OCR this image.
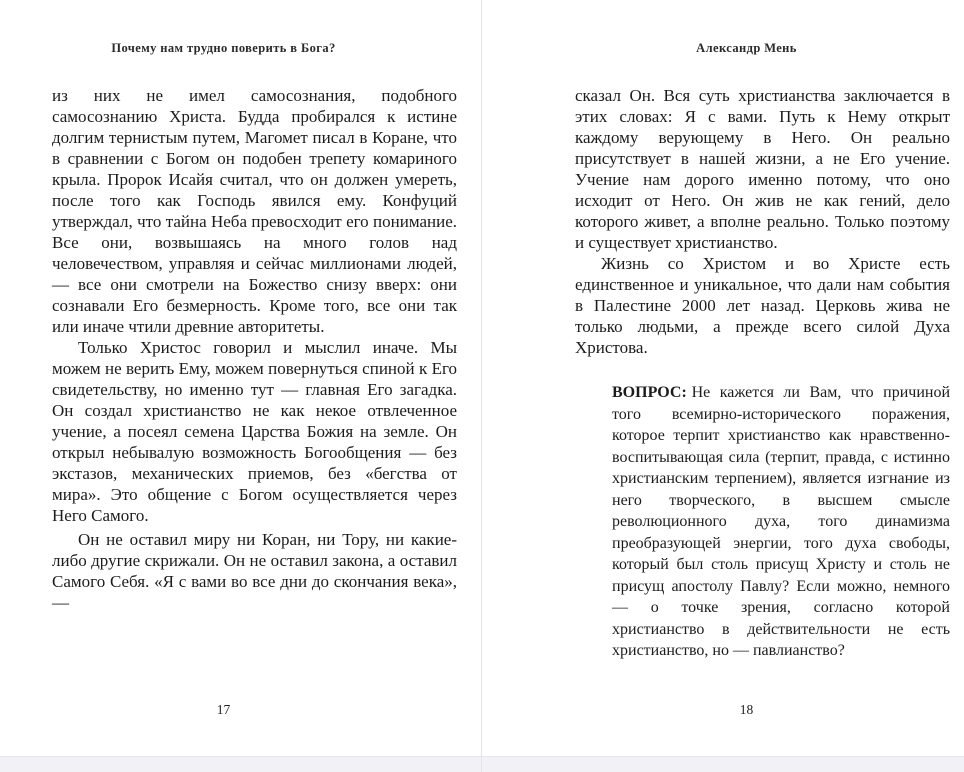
Почему нам трудно поверить в Бога?

из них не имел самосознания, подобного самосознанию Христа. Будда пробирался к истине долгим тернистым путем, Магомет писал в Коране, что в сравнении с Богом он подобен трепету комариного крыла. Пророк Исайя считал, что он должен умереть, после того как Господь явился ему. Конфуций утверждал, что тайна Неба превосходит его понимание. Все они, возвышаясь на много голов над человечеством, управляя и сейчас миллионами людей, — все они смотрели на Божество снизу вверх: они сознавали Его безмерность. Кроме того, все они так или иначе чтили древние авторитеты.

Только Христос говорил и мыслил иначе. Мы можем не верить Ему, можем повернуться спиной к Его свидетельству, но именно тут — главная Его загадка. Он создал христианство не как некое отвлеченное учение, а посеял семена Царства Божия на земле. Он открыл небывалую возможность Богообщения — без экстазов, механических приемов, без «бегства от мира». Это общение с Богом осуществляется через Него Самого.

Он не оставил миру ни Коран, ни Тору, ни какие-либо другие скрижали. Он не оставил закона, а оставил Самого Себя. «Я с вами во все дни до скончания века», —

17
Александр Мень

сказал Он. Вся суть христианства заключается в этих словах: Я с вами. Путь к Нему открыт каждому верующему в Него. Он реально присутствует в нашей жизни, а не Его учение. Учение нам дорого именно потому, что оно исходит от Него. Он жив не как гений, дело которого живет, а вполне реально. Только поэтому и существует христианство.

Жизнь со Христом и во Христе есть единственное и уникальное, что дали нам события в Палестине 2000 лет назад. Церковь жива не только людьми, а прежде всего силой Духа Христова.

ВОПРОС: Не кажется ли Вам, что причиной того всемирно-исторического поражения, которое терпит христианство как нравственно-воспитывающая сила (терпит, правда, с истинно христианским терпением), является изгнание из него творческого, в высшем смысле революционного духа, того динамизма преобразующей энергии, того духа свободы, который был столь присущ Христу и столь не присущ апостолу Павлу? Если можно, немного — о точке зрения, согласно которой христианство в действительности не есть христианство, но — павлианство?
18
